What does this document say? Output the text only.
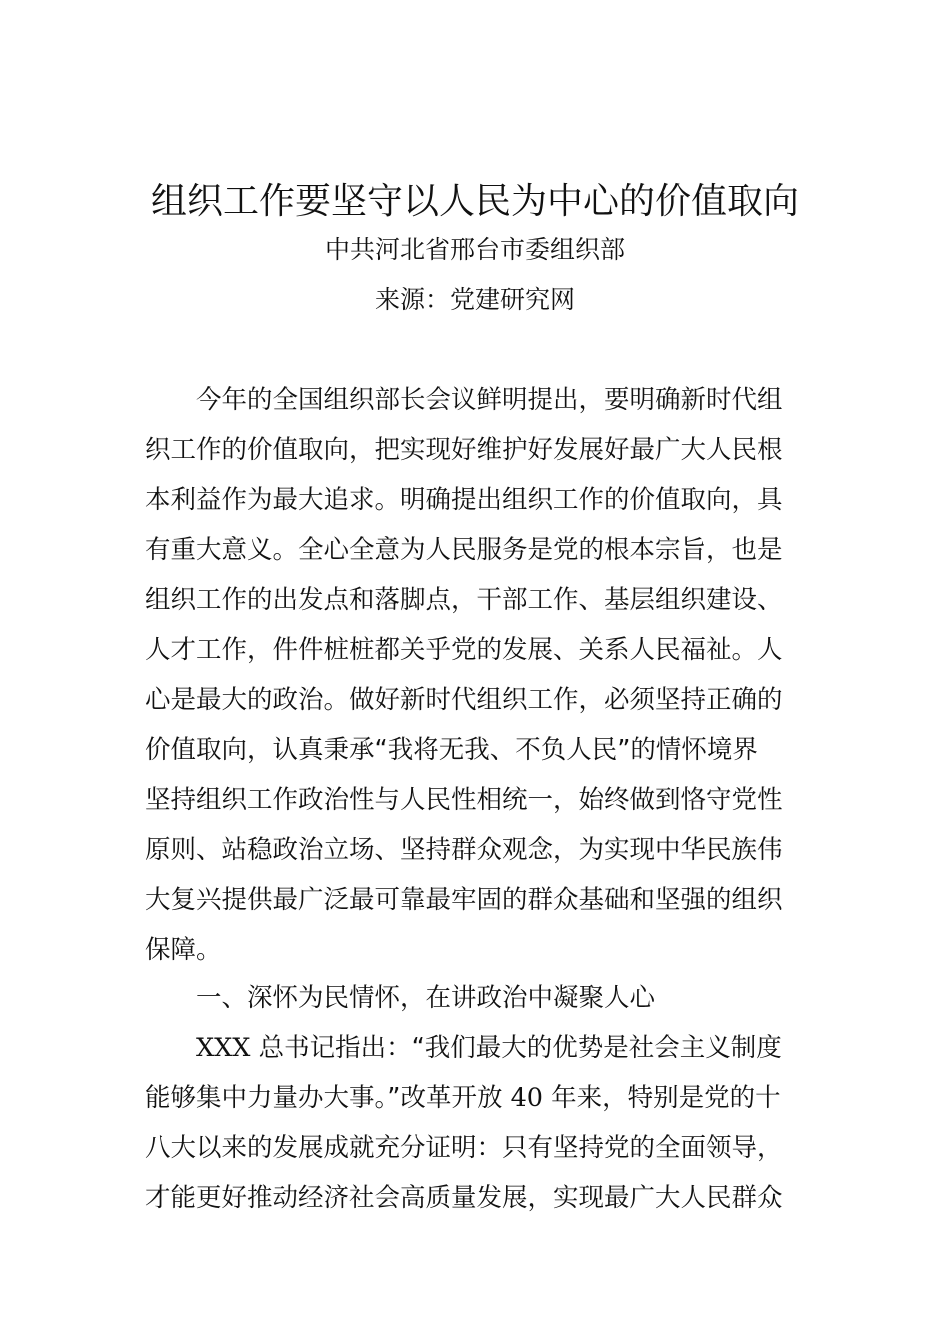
组织工作要坚守以人民为中心的价值取向
中共河北省邢台市委组织部
来源：党建研究网
今年的全国组织部长会议鲜明提出，要明确新时代组
织工作的价值取向，把实现好维护好发展好最广大人民根
本利益作为最大追求。明确提出组织工作的价值取向，具
有重大意义。全心全意为人民服务是党的根本宗旨，也是
组织工作的出发点和落脚点，干部工作、基层组织建设、
人才工作，件件桩桩都关乎党的发展、关系人民福祉。人
心是最大的政治。做好新时代组织工作，必须坚持正确的
价值取向，认真秉承“我将无我、不负人民”的情怀境界
坚持组织工作政治性与人民性相统一，始终做到恪守党性
原则、站稳政治立场、坚持群众观念，为实现中华民族伟
大复兴提供最广泛最可靠最牢固的群众基础和坚强的组织
保障。
一、深怀为民情怀，在讲政治中凝聚人心
XXX 总书记指出：“我们最大的优势是社会主义制度
能够集中力量办大事。”改革开放 40 年来，特别是党的十
八大以来的发展成就充分证明：只有坚持党的全面领导，
才能更好推动经济社会高质量发展，实现最广大人民群众
